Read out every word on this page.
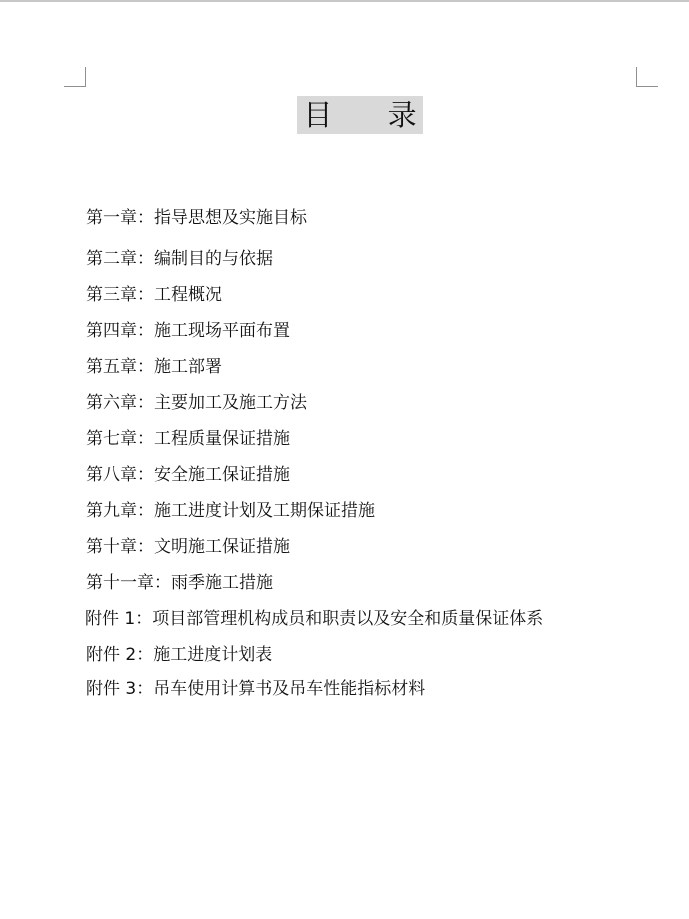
目      录
第一章：指导思想及实施目标
第二章：编制目的与依据
第三章：工程概况
第四章：施工现场平面布置
第五章：施工部署
第六章：主要加工及施工方法
第七章：工程质量保证措施
第八章：安全施工保证措施
第九章：施工进度计划及工期保证措施
第十章：文明施工保证措施
第十一章：雨季施工措施
附件 1：项目部管理机构成员和职责以及安全和质量保证体系
附件 2：施工进度计划表
附件 3：吊车使用计算书及吊车性能指标材料
